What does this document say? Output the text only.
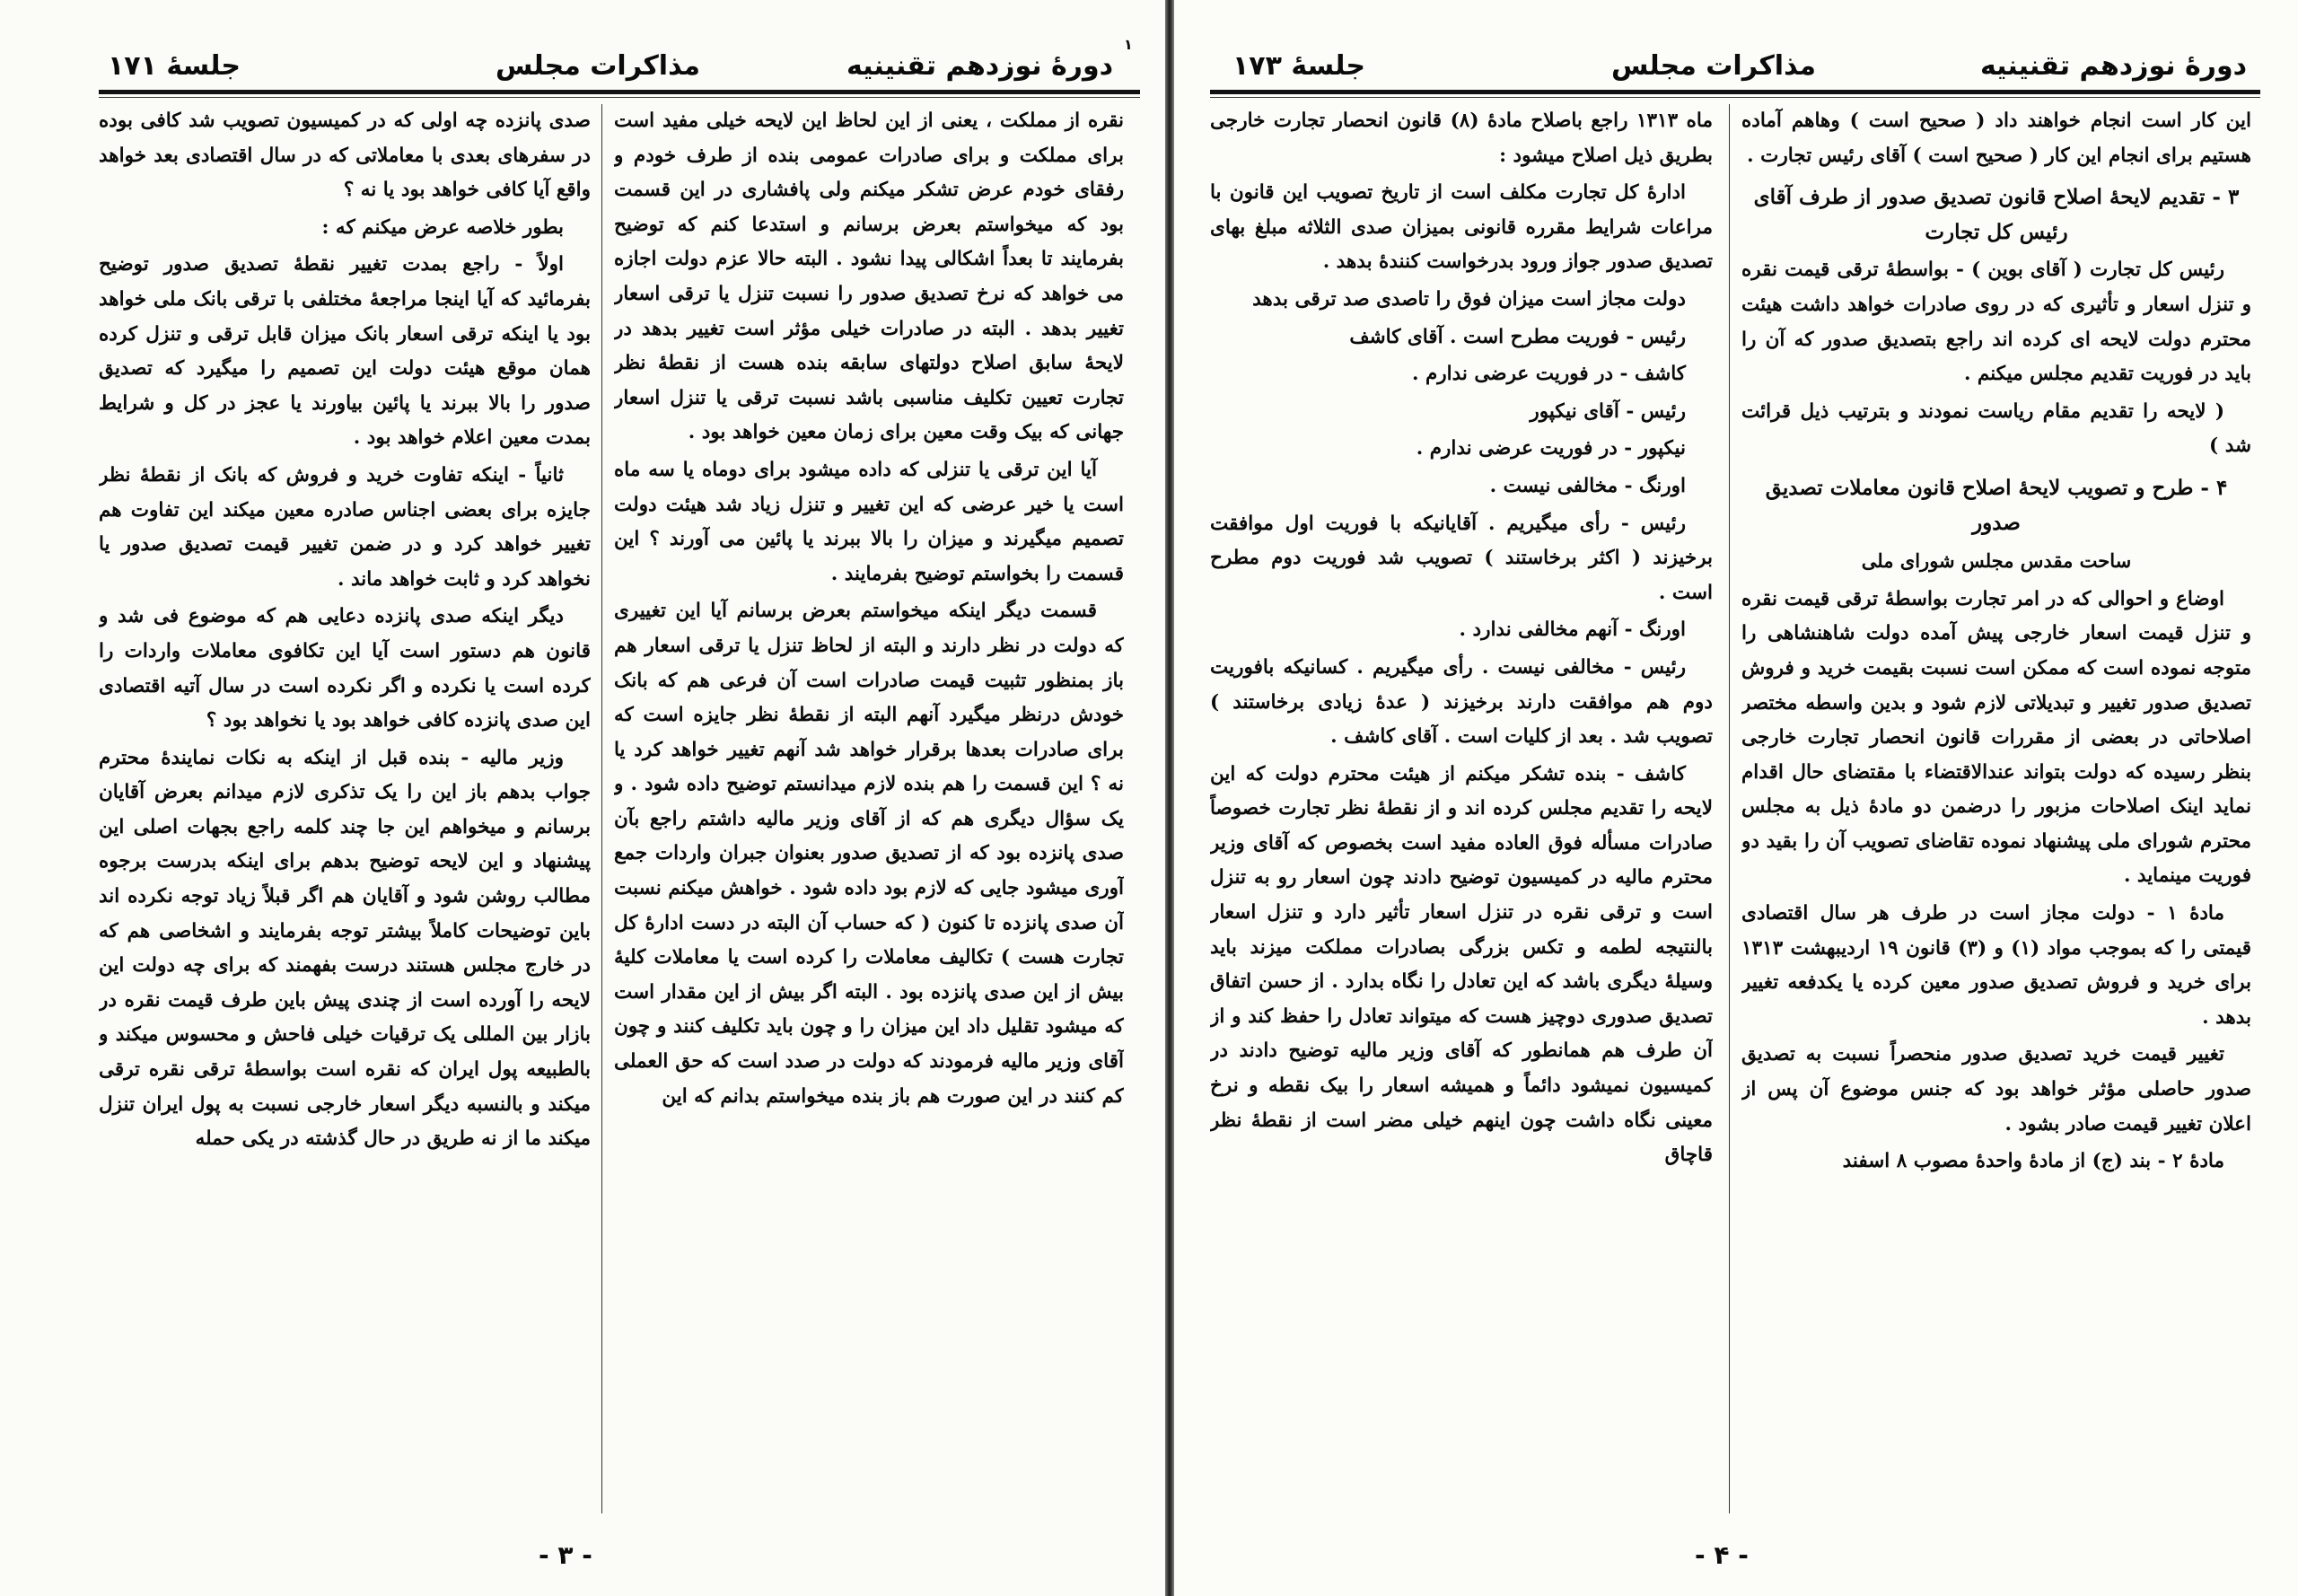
۱
دورۀ نوزدهم تقنینیه
مذاکرات مجلس
جلسۀ ۱۷۱

نقره از مملکت ، یعنی از این لحاظ این لایحه خیلی مفید است برای مملکت و برای صادرات عمومی بنده از طرف خودم و رفقای خودم عرض تشکر میکنم ولی پافشاری در این قسمت بود که میخواستم بعرض برسانم و استدعا کنم که توضیح بفرمایند تا بعداً اشکالی پیدا نشود . البته حالا عزم دولت اجازه می خواهد که نرخ تصدیق صدور را نسبت تنزل یا ترقی اسعار تغییر بدهد . البته در صادرات خیلی مؤثر است تغییر بدهد در لایحۀ سابق اصلاح دولتهای سابقه بنده هست از نقطۀ نظر تجارت تعیین تکلیف مناسبی باشد نسبت ترقی یا تنزل اسعار جهانی که بیک وقت معین برای زمان معین خواهد بود .

آیا این ترقی یا تنزلی که داده میشود برای دوماه یا سه ماه است یا خیر عرضی که این تغییر و تنزل زیاد شد هیئت دولت تصمیم میگیرند و میزان را بالا ببرند یا پائین می آورند ؟ این قسمت را بخواستم توضیح بفرمایند .

قسمت دیگر اینکه میخواستم بعرض برسانم آیا این تغییری که دولت در نظر دارند و البته از لحاظ تنزل یا ترقی اسعار هم باز بمنظور تثبیت قیمت صادرات است آن فرعی هم که بانک خودش درنظر میگیرد آنهم البته از نقطۀ نظر جایزه است که برای صادرات بعدها برقرار خواهد شد آنهم تغییر خواهد کرد یا نه ؟ این قسمت را هم بنده لازم میدانستم توضیح داده شود . و یک سؤال دیگری هم که از آقای وزیر مالیه داشتم راجع بآن صدی پانزده بود که از تصدیق صدور بعنوان جبران واردات جمع آوری میشود جایی که لازم بود داده شود . خواهش میکنم نسبت آن صدی پانزده تا کنون ( که حساب آن البته در دست ادارۀ کل تجارت هست ) تکالیف معاملات را کرده است یا معاملات کلیۀ بیش از این صدی پانزده بود . البته اگر بیش از این مقدار است که میشود تقلیل داد این میزان را و چون باید تکلیف کنند و چون آقای وزیر مالیه فرمودند که دولت در صدد است که حق العملی کم کنند در این صورت هم باز بنده میخواستم بدانم که این

صدی پانزده چه اولی که در کمیسیون تصویب شد کافی بوده در سفرهای بعدی با معاملاتی که در سال اقتصادی بعد خواهد واقع آیا کافی خواهد بود یا نه ؟

بطور خلاصه عرض میکنم که :

اولاً - راجع بمدت تغییر نقطۀ تصدیق صدور توضیح بفرمائید که آیا اینجا مراجعۀ مختلفی با ترقی بانک ملی خواهد بود یا اینکه ترقی اسعار بانک میزان قابل ترقی و تنزل کرده همان موقع هیئت دولت این تصمیم را میگیرد که تصدیق صدور را بالا ببرند یا پائین بیاورند یا عجز در کل و شرایط بمدت معین اعلام خواهد بود .

ثانیاً - اینکه تفاوت خرید و فروش که بانک از نقطۀ نظر جایزه برای بعضی اجناس صادره معین میکند این تفاوت هم تغییر خواهد کرد و در ضمن تغییر قیمت تصدیق صدور یا نخواهد کرد و ثابت خواهد ماند .

دیگر اینکه صدی پانزده دعایی هم که موضوع فی شد و قانون هم دستور است آیا این تکافوی معاملات واردات را کرده است یا نکرده و اگر نکرده است در سال آتیه اقتصادی این صدی پانزده کافی خواهد بود یا نخواهد بود ؟

وزیر مالیه - بنده قبل از اینکه به نکات نمایندۀ محترم جواب بدهم باز این را یک تذکری لازم میدانم بعرض آقایان برسانم و میخواهم این جا چند کلمه راجع بجهات اصلی این پیشنهاد و این لایحه توضیح بدهم برای اینکه بدرست برجوه مطالب روشن شود و آقایان هم اگر قبلاً زیاد توجه نکرده اند باین توضیحات کاملاً بیشتر توجه بفرمایند و اشخاصی هم که در خارج مجلس هستند درست بفهمند که برای چه دولت این لایحه را آورده است از چندی پیش باین طرف قیمت نقره در بازار بین المللی یک ترقیات خیلی فاحش و محسوس میکند و بالطبیعه پول ایران که نقره است بواسطۀ ترقی نقره ترقی میکند و بالنسبه دیگر اسعار خارجی نسبت به پول ایران تنزل میکند ما از نه طریق در حال گذشته در یکی حمله

- ۳ -
دورۀ نوزدهم تقنینیه
مذاکرات مجلس
جلسۀ ۱۷۳

این کار است انجام خواهند داد ( صحیح است ) وهاهم آماده هستیم برای انجام این کار ( صحیح است ) آقای رئیس تجارت .

۳ - تقدیم لایحۀ اصلاح قانون تصدیق صدور از طرف آقای رئیس کل تجارت

رئیس کل تجارت ( آقای بوین ) - بواسطۀ ترقی قیمت نقره و تنزل اسعار و تأثیری که در روی صادرات خواهد داشت هیئت محترم دولت لایحه ای کرده اند راجع بتصدیق صدور که آن را باید در فوریت تقدیم مجلس میکنم .

( لایحه را تقدیم مقام ریاست نمودند و بترتیب ذیل قرائت شد )

۴ - طرح و تصویب لایحۀ اصلاح قانون معاملات تصدیق صدور

ساحت مقدس مجلس شورای ملی

اوضاع و احوالی که در امر تجارت بواسطۀ ترقی قیمت نقره و تنزل قیمت اسعار خارجی پیش آمده دولت شاهنشاهی را متوجه نموده است که ممکن است نسبت بقیمت خرید و فروش تصدیق صدور تغییر و تبدیلاتی لازم شود و بدین واسطه مختصر اصلاحاتی در بعضی از مقررات قانون انحصار تجارت خارجی بنظر رسیده که دولت بتواند عندالاقتضاء با مقتضای حال اقدام نماید اینک اصلاحات مزبور را درضمن دو مادۀ ذیل به مجلس محترم شورای ملی پیشنهاد نموده تقاضای تصویب آن را بقید دو فوریت مینماید .

مادۀ ۱ - دولت مجاز است در طرف هر سال اقتصادی قیمتی را که بموجب مواد (۱) و (۳) قانون ۱۹ اردیبهشت ۱۳۱۳ برای خرید و فروش تصدیق صدور معین کرده یا یکدفعه تغییر بدهد .

تغییر قیمت خرید تصدیق صدور منحصراً نسبت به تصدیق صدور حاصلی مؤثر خواهد بود که جنس موضوع آن پس از اعلان تغییر قیمت صادر بشود .

مادۀ ۲ - بند (ج) از مادۀ واحدۀ مصوب ۸ اسفند

ماه ۱۳۱۳ راجع باصلاح مادۀ (۸) قانون انحصار تجارت خارجی بطریق ذیل اصلاح میشود :

ادارۀ کل تجارت مکلف است از تاریخ تصویب این قانون با مراعات شرایط مقرره قانونی بمیزان صدی الثلاثه مبلغ بهای تصدیق صدور جواز ورود بدرخواست کنندۀ بدهد .

دولت مجاز است میزان فوق را تاصدی صد ترقی بدهد

رئیس - فوریت مطرح است . آقای کاشف

کاشف - در فوریت عرضی ندارم .

رئیس - آقای نیکپور

نیکپور - در فوریت عرضی ندارم .

اورنگ - مخالفی نیست .

رئیس - رأی میگیریم . آقایانیکه با فوریت اول موافقت برخیزند ( اکثر برخاستند ) تصویب شد فوریت دوم مطرح است .

اورنگ - آنهم مخالفی ندارد .

رئیس - مخالفی نیست . رأی میگیریم . کسانیکه بافوریت دوم هم موافقت دارند برخیزند ( عدۀ زیادی برخاستند ) تصویب شد . بعد از کلیات است . آقای کاشف .

کاشف - بنده تشکر میکنم از هیئت محترم دولت که این لایحه را تقدیم مجلس کرده اند و از نقطۀ نظر تجارت خصوصاً صادرات مسأله فوق العاده مفید است بخصوص که آقای وزیر محترم مالیه در کمیسیون توضیح دادند چون اسعار رو به تنزل است و ترقی نقره در تنزل اسعار تأثیر دارد و تنزل اسعار بالنتیجه لطمه و تکس بزرگی بصادرات مملکت میزند باید وسیلۀ دیگری باشد که این تعادل را نگاه بدارد . از حسن اتفاق تصدیق صدوری دوچیز هست که میتواند تعادل را حفظ کند و از آن طرف هم همانطور که آقای وزیر مالیه توضیح دادند در کمیسیون نمیشود دائماً و همیشه اسعار را بیک نقطه و نرخ معینی نگاه داشت چون اینهم خیلی مضر است از نقطۀ نظر قاچاق

- ۴ -
